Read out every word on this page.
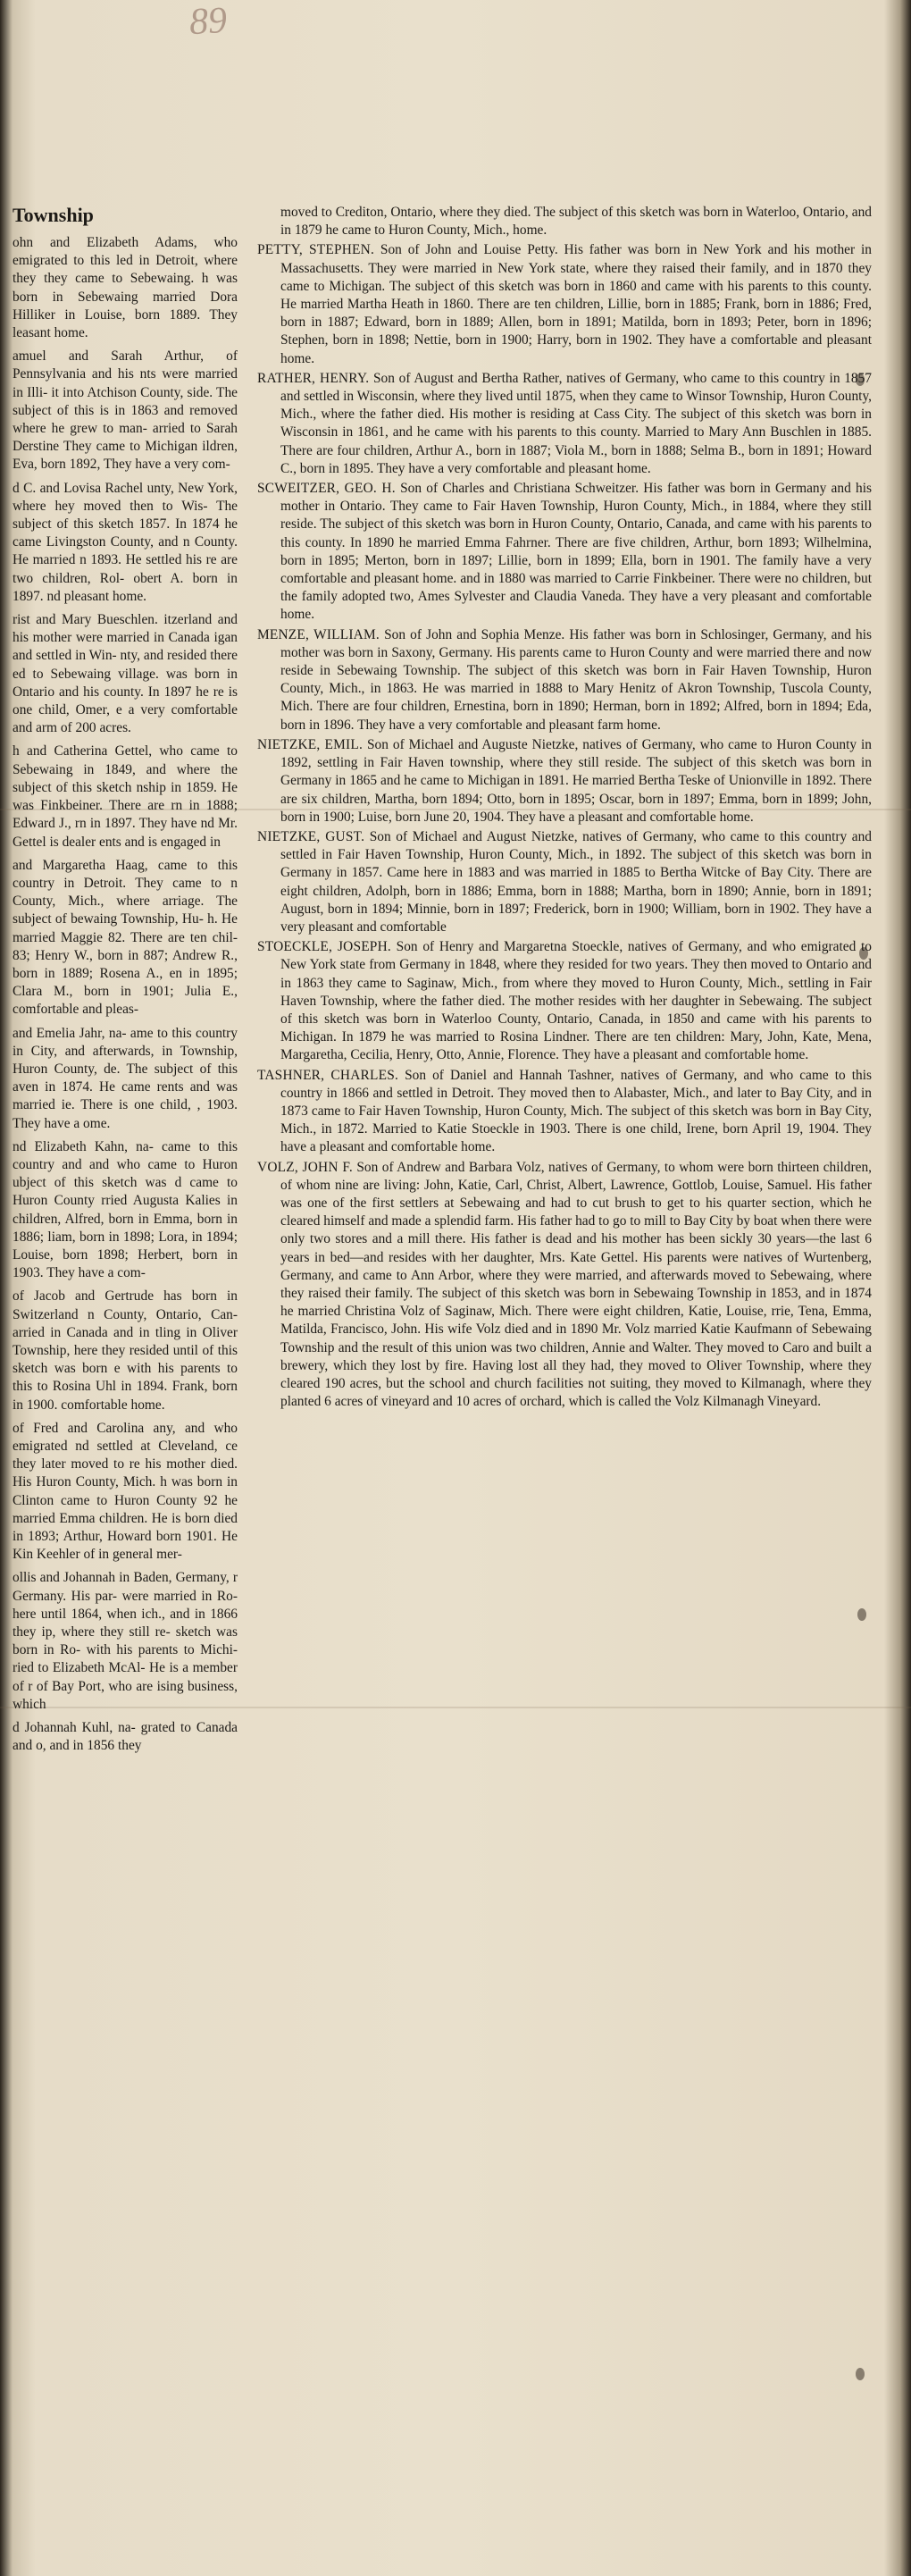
89
Township

ohn and Elizabeth Adams, who emigrated to this led in Detroit, where they they came to Sebewaing. h was born in Sebewaing married Dora Hilliker in Louise, born 1889. They leasant home.

amuel and Sarah Arthur, of Pennsylvania and his nts were married in Illi- it into Atchison County, side. The subject of this is in 1863 and removed where he grew to man- arried to Sarah Derstine They came to Michigan ildren, Eva, born 1892, They have a very com-

d C. and Lovisa Rachel unty, New York, where hey moved then to Wis- The subject of this sketch 1857. In 1874 he came Livingston County, and n County. He married n 1893. He settled his re are two children, Rol- obert A. born in 1897. nd pleasant home.

rist and Mary Bueschlen. itzerland and his mother were married in Canada igan and settled in Win- nty, and resided there ed to Sebewaing village. was born in Ontario and his county. In 1897 he re is one child, Omer, e a very comfortable and arm of 200 acres.

h and Catherina Gettel, who came to Sebewaing in 1849, and where the subject of this sketch nship in 1859. He was Finkbeiner. There are rn in 1888; Edward J., rn in 1897. They have nd Mr. Gettel is dealer ents and is engaged in

and Margaretha Haag, came to this country in Detroit. They came to n County, Mich., where arriage. The subject of bewaing Township, Hu- h. He married Maggie 82. There are ten chil- 83; Henry W., born in 887; Andrew R., born in 1889; Rosena A., en in 1895; Clara M., born in 1901; Julia E., comfortable and pleas-

and Emelia Jahr, na- ame to this country in City, and afterwards, in Township, Huron County, de. The subject of this aven in 1874. He came rents and was married ie. There is one child, , 1903. They have a ome.

nd Elizabeth Kahn, na- came to this country and and who came to Huron ubject of this sketch was d came to Huron County rried Augusta Kalies in children, Alfred, born in Emma, born in 1886; liam, born in 1898; Lora, in 1894; Louise, born 1898; Herbert, born in 1903. They have a com-

of Jacob and Gertrude has born in Switzerland n County, Ontario, Can- arried in Canada and in tling in Oliver Township, here they resided until of this sketch was born e with his parents to this to Rosina Uhl in 1894. Frank, born in 1900. comfortable home.

of Fred and Carolina any, and who emigrated nd settled at Cleveland, ce they later moved to re his mother died. His Huron County, Mich. h was born in Clinton came to Huron County 92 he married Emma children. He is born died in 1893; Arthur, Howard born 1901. He Kin Keehler of in general mer-

ollis and Johannah in Baden, Germany, r Germany. His par- were married in Ro- here until 1864, when ich., and in 1866 they ip, where they still re- sketch was born in Ro- with his parents to Michi- ried to Elizabeth McAl- He is a member of r of Bay Port, who are ising business, which

d Johannah Kuhl, na- grated to Canada and o, and in 1856 they

moved to Crediton, Ontario, where they died. The subject of this sketch was born in Waterloo, Ontario, and in 1879 he came to Huron County, Mich., home.

PETTY, STEPHEN. Son of John and Louise Petty. His father was born in New York and his mother in Massachusetts. They were married in New York state, where they raised their family, and in 1870 they came to Michigan. The subject of this sketch was born in 1860 and came with his parents to this county. He married Martha Heath in 1860. There are ten children, Lillie, born in 1885; Frank, born in 1886; Fred, born in 1887; Edward, born in 1889; Allen, born in 1891; Matilda, born in 1893; Peter, born in 1896; Stephen, born in 1898; Nettie, born in 1900; Harry, born in 1902. They have a comfortable and pleasant home.

RATHER, HENRY. Son of August and Bertha Rather, natives of Germany, who came to this country in 1857 and settled in Wisconsin, where they lived until 1875, when they came to Winsor Township, Huron County, Mich., where the father died. His mother is residing at Cass City. The subject of this sketch was born in Wisconsin in 1861, and he came with his parents to this county. Married to Mary Ann Buschlen in 1885. There are four children, Arthur A., born in 1887; Viola M., born in 1888; Selma B., born in 1891; Howard C., born in 1895. They have a very comfortable and pleasant home.

SCWEITZER, GEO. H. Son of Charles and Christiana Schweitzer. His father was born in Germany and his mother in Ontario. They came to Fair Haven Township, Huron County, Mich., in 1884, where they still reside. The subject of this sketch was born in Huron County, Ontario, Canada, and came with his parents to this county. In 1890 he married Emma Fahrner. There are five children, Arthur, born 1893; Wilhelmina, born in 1895; Merton, born in 1897; Lillie, born in 1899; Ella, born in 1901. The family have a very comfortable and pleasant home. and in 1880 was married to Carrie Finkbeiner. There were no children, but the family adopted two, Ames Sylvester and Claudia Vaneda. They have a very pleasant and comfortable home.

MENZE, WILLIAM. Son of John and Sophia Menze. His father was born in Schlosinger, Germany, and his mother was born in Saxony, Germany. His parents came to Huron County and were married there and now reside in Sebewaing Township. The subject of this sketch was born in Fair Haven Township, Huron County, Mich., in 1863. He was married in 1888 to Mary Henitz of Akron Township, Tuscola County, Mich. There are four children, Ernestina, born in 1890; Herman, born in 1892; Alfred, born in 1894; Eda, born in 1896. They have a very comfortable and pleasant farm home.

NIETZKE, EMIL. Son of Michael and Auguste Nietzke, natives of Germany, who came to Huron County in 1892, settling in Fair Haven township, where they still reside. The subject of this sketch was born in Germany in 1865 and he came to Michigan in 1891. He married Bertha Teske of Unionville in 1892. There are six children, Martha, born 1894; Otto, born in 1895; Oscar, born in 1897; Emma, born in 1899; John, born in 1900; Luise, born June 20, 1904. They have a pleasant and comfortable home.

NIETZKE, GUST. Son of Michael and August Nietzke, natives of Germany, who came to this country and settled in Fair Haven Township, Huron County, Mich., in 1892. The subject of this sketch was born in Germany in 1857. Came here in 1883 and was married in 1885 to Bertha Witcke of Bay City. There are eight children, Adolph, born in 1886; Emma, born in 1888; Martha, born in 1890; Annie, born in 1891; August, born in 1894; Minnie, born in 1897; Frederick, born in 1900; William, born in 1902. They have a very pleasant and comfortable

STOECKLE, JOSEPH. Son of Henry and Margaretna Stoeckle, natives of Germany, and who emigrated to New York state from Germany in 1848, where they resided for two years. They then moved to Ontario and in 1863 they came to Saginaw, Mich., from where they moved to Huron County, Mich., settling in Fair Haven Township, where the father died. The mother resides with her daughter in Sebewaing. The subject of this sketch was born in Waterloo County, Ontario, Canada, in 1850 and came with his parents to Michigan. In 1879 he was married to Rosina Lindner. There are ten children: Mary, John, Kate, Mena, Margaretha, Cecilia, Henry, Otto, Annie, Florence. They have a pleasant and comfortable home.

TASHNER, CHARLES. Son of Daniel and Hannah Tashner, natives of Germany, and who came to this country in 1866 and settled in Detroit. They moved then to Alabaster, Mich., and later to Bay City, and in 1873 came to Fair Haven Township, Huron County, Mich. The subject of this sketch was born in Bay City, Mich., in 1872. Married to Katie Stoeckle in 1903. There is one child, Irene, born April 19, 1904. They have a pleasant and comfortable home.

VOLZ, JOHN F. Son of Andrew and Barbara Volz, natives of Germany, to whom were born thirteen children, of whom nine are living: John, Katie, Carl, Christ, Albert, Lawrence, Gottlob, Louise, Samuel. His father was one of the first settlers at Sebewaing and had to cut brush to get to his quarter section, which he cleared himself and made a splendid farm. His father had to go to mill to Bay City by boat when there were only two stores and a mill there. His father is dead and his mother has been sickly 30 years—the last 6 years in bed—and resides with her daughter, Mrs. Kate Gettel. His parents were natives of Wurtenberg, Germany, and came to Ann Arbor, where they were married, and afterwards moved to Sebewaing, where they raised their family. The subject of this sketch was born in Sebewaing Township in 1853, and in 1874 he married Christina Volz of Saginaw, Mich. There were eight children, Katie, Louise, rrie, Tena, Emma, Matilda, Francisco, John. His wife Volz died and in 1890 Mr. Volz married Katie Kaufmann of Sebewaing Township and the result of this union was two children, Annie and Walter. They moved to Caro and built a brewery, which they lost by fire. Having lost all they had, they moved to Oliver Township, where they cleared 190 acres, but the school and church facilities not suiting, they moved to Kilmanagh, where they planted 6 acres of vineyard and 10 acres of orchard, which is called the Volz Kilmanagh Vineyard.
